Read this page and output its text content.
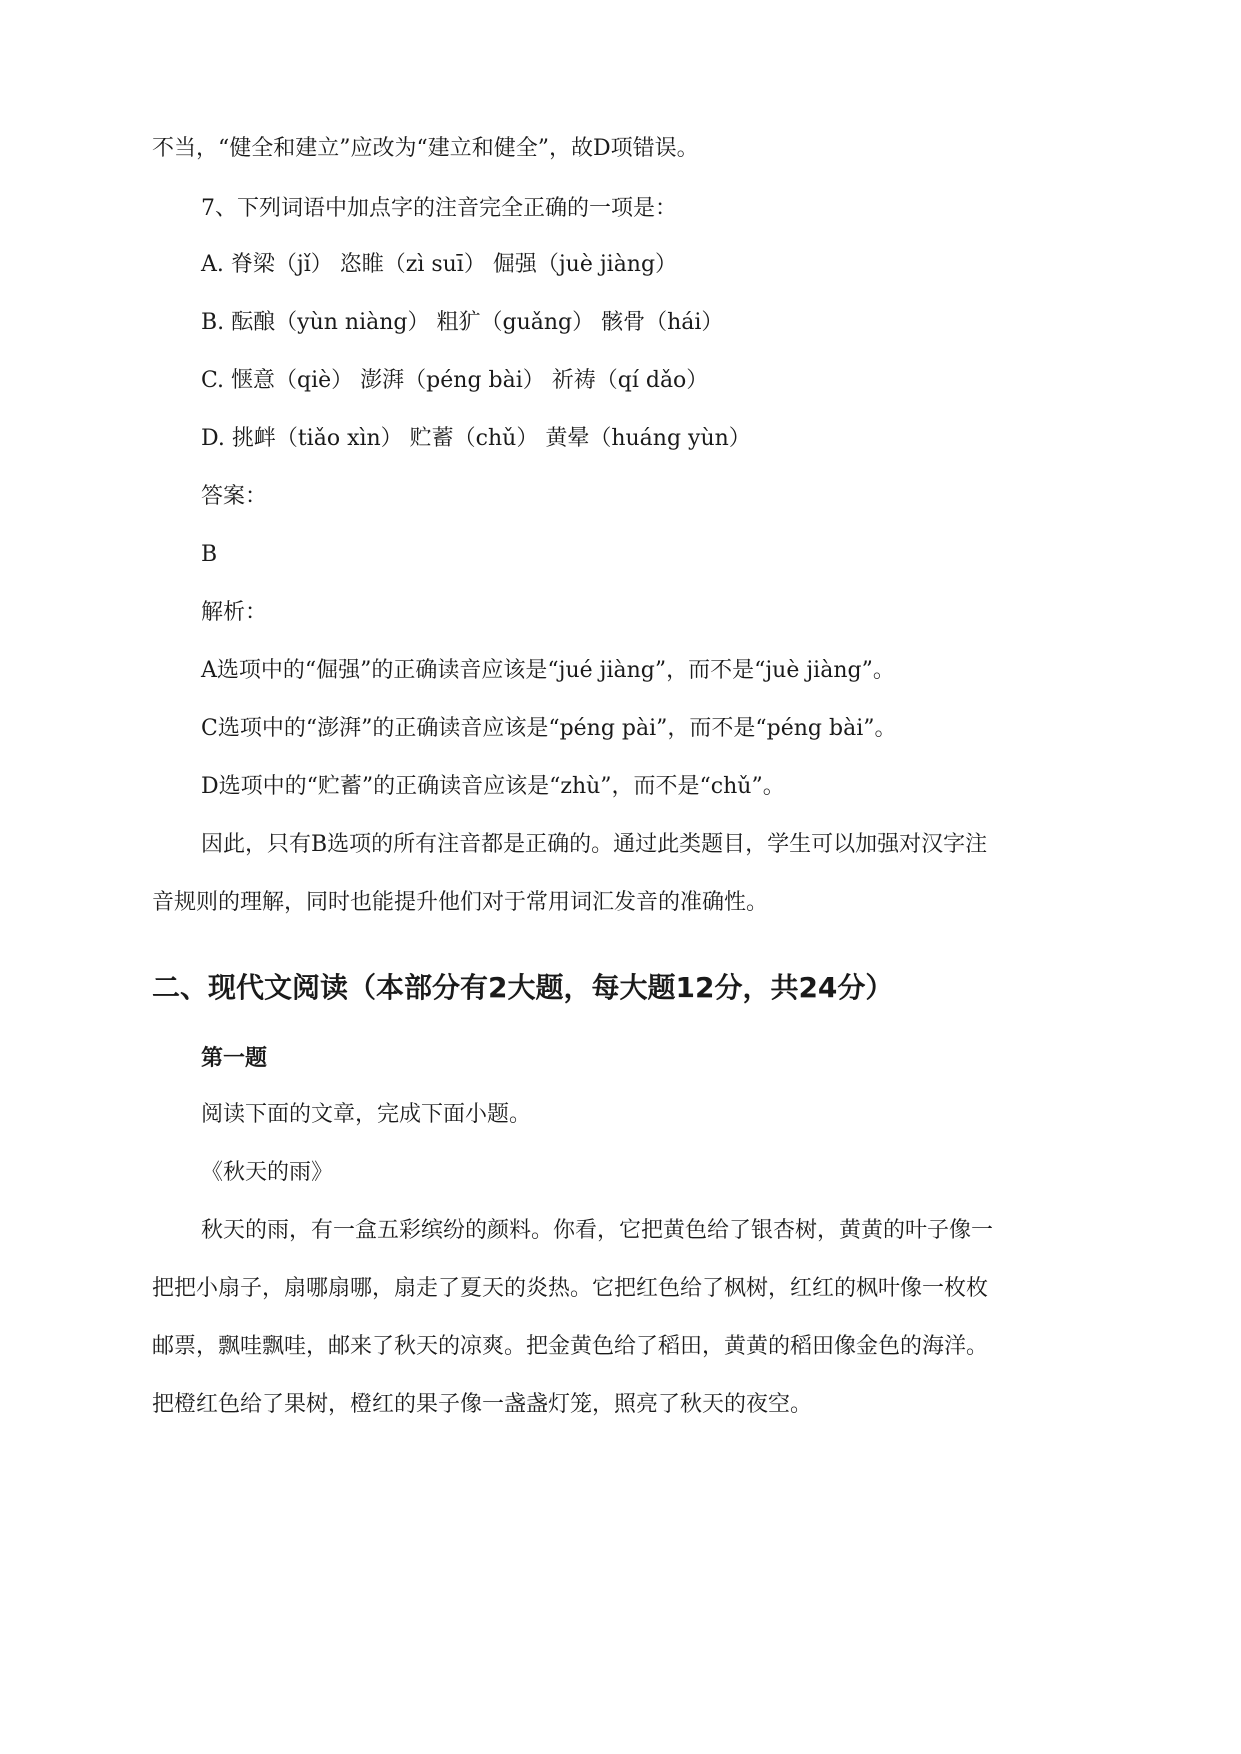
不当，“健全和建立”应改为“建立和健全”，故D项错误。
7、下列词语中加点字的注音完全正确的一项是：
A. 脊梁（jǐ） 恣睢（zì suī） 倔强（juè jiàng）
B. 酝酿（yùn niàng） 粗犷（guǎng） 骸骨（hái）
C. 惬意（qiè） 澎湃（péng bài） 祈祷（qí dǎo）
D. 挑衅（tiǎo xìn） 贮蓄（chǔ） 黄晕（huáng yùn）
答案：
B
解析：
A选项中的“倔强”的正确读音应该是“jué jiàng”，而不是“juè jiàng”。
C选项中的“澎湃”的正确读音应该是“péng pài”，而不是“péng bài”。
D选项中的“贮蓄”的正确读音应该是“zhù”，而不是“chǔ”。
因此，只有B选项的所有注音都是正确的。通过此类题目，学生可以加强对汉字注
音规则的理解，同时也能提升他们对于常用词汇发音的准确性。
二、现代文阅读（本部分有2大题，每大题12分，共24分）
第一题
阅读下面的文章，完成下面小题。
《秋天的雨》
秋天的雨，有一盒五彩缤纷的颜料。你看，它把黄色给了银杏树，黄黄的叶子像一
把把小扇子，扇哪扇哪，扇走了夏天的炎热。它把红色给了枫树，红红的枫叶像一枚枚
邮票，飘哇飘哇，邮来了秋天的凉爽。把金黄色给了稻田，黄黄的稻田像金色的海洋。
把橙红色给了果树，橙红的果子像一盏盏灯笼，照亮了秋天的夜空。
